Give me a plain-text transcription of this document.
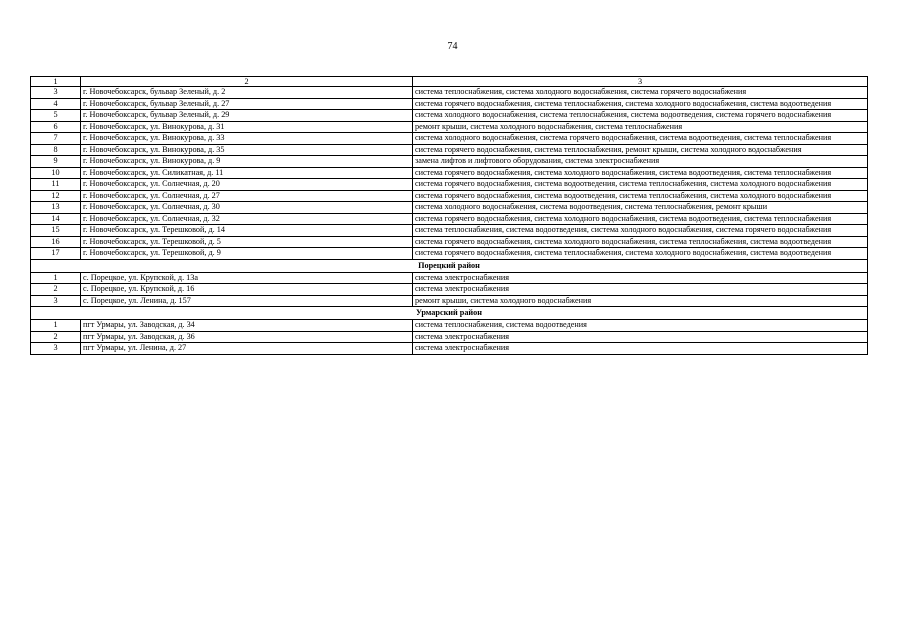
74
1	2	3
3	г. Новочебоксарск, бульвар Зеленый, д. 2	система теплоснабжения, система холодного водоснабжения, система горячего водоснабжения
4	г. Новочебоксарск, бульвар Зеленый, д. 27	система горячего водоснабжения, система теплоснабжения, система холодного водоснабжения, система водоотведения
5	г. Новочебоксарск, бульвар Зеленый, д. 29	система холодного водоснабжения, система теплоснабжения, система водоотведения, система горячего водоснабжения
6	г. Новочебоксарск, ул. Винокурова, д. 31	ремонт крыши, система холодного водоснабжения, система теплоснабжения
7	г. Новочебоксарск, ул. Винокурова, д. 33	система холодного водоснабжения, система горячего водоснабжения, система водоотведения, система теплоснабжения
8	г. Новочебоксарск, ул. Винокурова, д. 35	система горячего водоснабжения, система теплоснабжения, ремонт крыши, система холодного водоснабжения
9	г. Новочебоксарск, ул. Винокурова, д. 9	замена лифтов и лифтового оборудования, система электроснабжения
10	г. Новочебоксарск, ул. Силикатная, д. 11	система горячего водоснабжения, система холодного водоснабжения, система водоотведения, система теплоснабжения
11	г. Новочебоксарск, ул. Солнечная, д. 20	система горячего водоснабжения, система водоотведения, система теплоснабжения, система холодного водоснабжения
12	г. Новочебоксарск, ул. Солнечная, д. 27	система горячего водоснабжения, система водоотведения, система теплоснабжения, система холодного водоснабжения
13	г. Новочебоксарск, ул. Солнечная, д. 30	система холодного водоснабжения, система водоотведения, система теплоснабжения, ремонт крыши
14	г. Новочебоксарск, ул. Солнечная, д. 32	система горячего водоснабжения, система холодного водоснабжения, система водоотведения, система теплоснабжения
15	г. Новочебоксарск, ул. Терешковой, д. 14	система теплоснабжения, система водоотведения, система холодного водоснабжения, система горячего водоснабжения
16	г. Новочебоксарск, ул. Терешковой, д. 5	система горячего водоснабжения, система холодного водоснабжения, система теплоснабжения, система водоотведения
17	г. Новочебоксарск, ул. Терешковой, д. 9	система горячего водоснабжения, система теплоснабжения, система холодного водоснабжения, система водоотведения
Порецкий район		
1	с. Порецкое, ул. Крупской, д. 13а	система электроснабжения
2	с. Порецкое, ул. Крупской, д. 16	система электроснабжения
3	с. Порецкое, ул. Ленина, д. 157	ремонт крыши, система холодного водоснабжения
Урмарский район		
1	пгт Урмары, ул. Заводская, д. 34	система теплоснабжения, система водоотведения
2	пгт Урмары, ул. Заводская, д. 36	система электроснабжения
3	пгт Урмары, ул. Ленина, д. 27	система электроснабжения
